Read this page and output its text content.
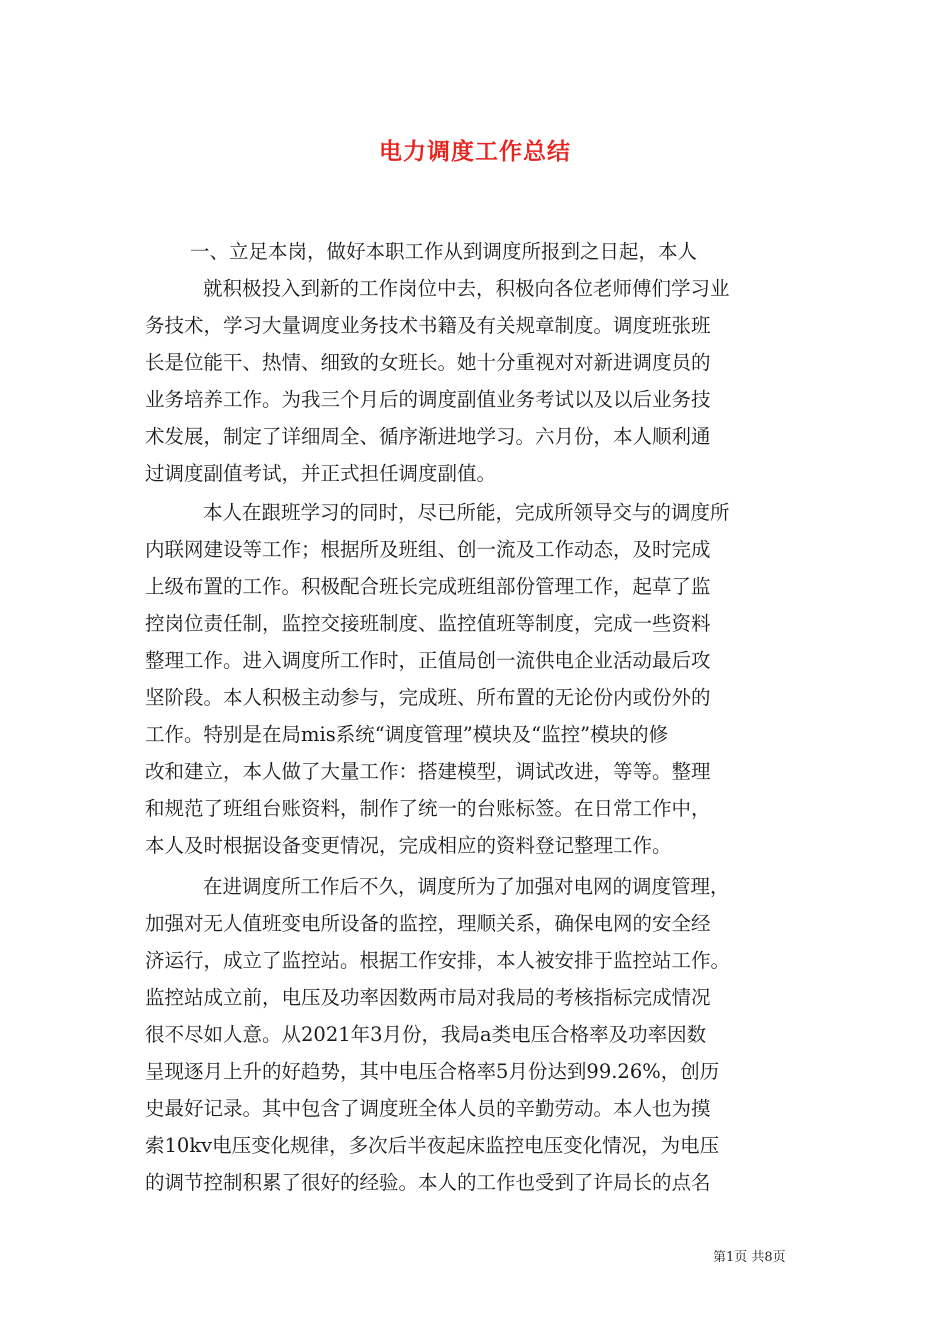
电力调度工作总结
一、立足本岗，做好本职工作从到调度所报到之日起，本人
就积极投入到新的工作岗位中去，积极向各位老师傅们学习业
务技术，学习大量调度业务技术书籍及有关规章制度。调度班张班
长是位能干、热情、细致的女班长。她十分重视对对新进调度员的
业务培养工作。为我三个月后的调度副值业务考试以及以后业务技
术发展，制定了详细周全、循序渐进地学习。六月份，本人顺利通
过调度副值考试，并正式担任调度副值。
本人在跟班学习的同时，尽已所能，完成所领导交与的调度所
内联网建设等工作；根据所及班组、创一流及工作动态，及时完成
上级布置的工作。积极配合班长完成班组部份管理工作，起草了监
控岗位责任制，监控交接班制度、监控值班等制度，完成一些资料
整理工作。进入调度所工作时，正值局创一流供电企业活动最后攻
坚阶段。本人积极主动参与，完成班、所布置的无论份内或份外的
工作。特别是在局mis系统“调度管理”模块及“监控”模块的修
改和建立，本人做了大量工作：搭建模型，调试改进，等等。整理
和规范了班组台账资料，制作了统一的台账标签。在日常工作中，
本人及时根据设备变更情况，完成相应的资料登记整理工作。
在进调度所工作后不久，调度所为了加强对电网的调度管理，
加强对无人值班变电所设备的监控，理顺关系，确保电网的安全经
济运行，成立了监控站。根据工作安排，本人被安排于监控站工作。
监控站成立前，电压及功率因数两市局对我局的考核指标完成情况
很不尽如人意。从2021年3月份，我局a类电压合格率及功率因数
呈现逐月上升的好趋势，其中电压合格率5月份达到99.26%，创历
史最好记录。其中包含了调度班全体人员的辛勤劳动。本人也为摸
索10kv电压变化规律，多次后半夜起床监控电压变化情况，为电压
的调节控制积累了很好的经验。本人的工作也受到了许局长的点名
第1页 共8页
